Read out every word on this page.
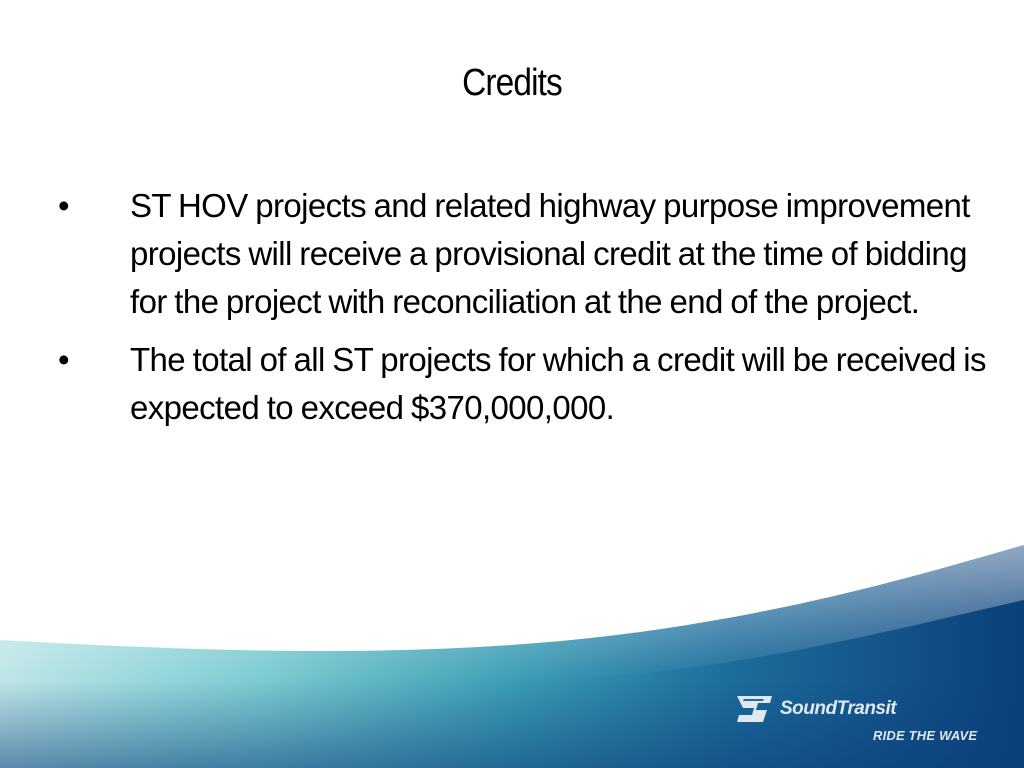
Credits
• ST HOV projects and related highway purpose improvement projects will receive a provisional credit at the time of bidding for the project with reconciliation at the end of the project.
• The total of all ST projects for which a credit will be received is expected to exceed $370,000,000.
SoundTransit
RIDE THE WAVE
